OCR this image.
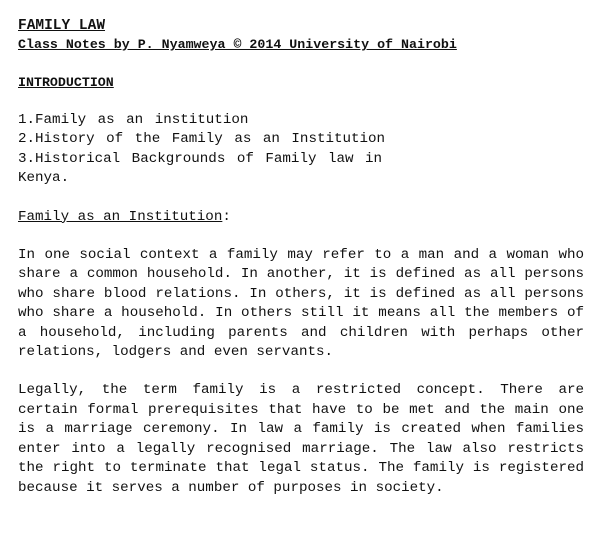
FAMILY LAW
Class Notes by P. Nyamweya © 2014 University of Nairobi
INTRODUCTION
1.Family as an institution
2.History of the Family as an Institution
3.Historical Backgrounds of Family law in
Kenya.
Family as an Institution:

In one social context a family may refer to a man and a woman who share a common household. In another, it is defined as all persons who share blood relations. In others, it is defined as all persons who share a household. In others still it means all the members of a household, including parents and children with perhaps other relations, lodgers and even servants.

Legally, the term family is a restricted concept. There are certain formal prerequisites that have to be met and the main one is a marriage ceremony. In law a family is created when families enter into a legally recognised marriage. The law also restricts the right to terminate that legal status. The family is registered because it serves a number of purposes in society.
